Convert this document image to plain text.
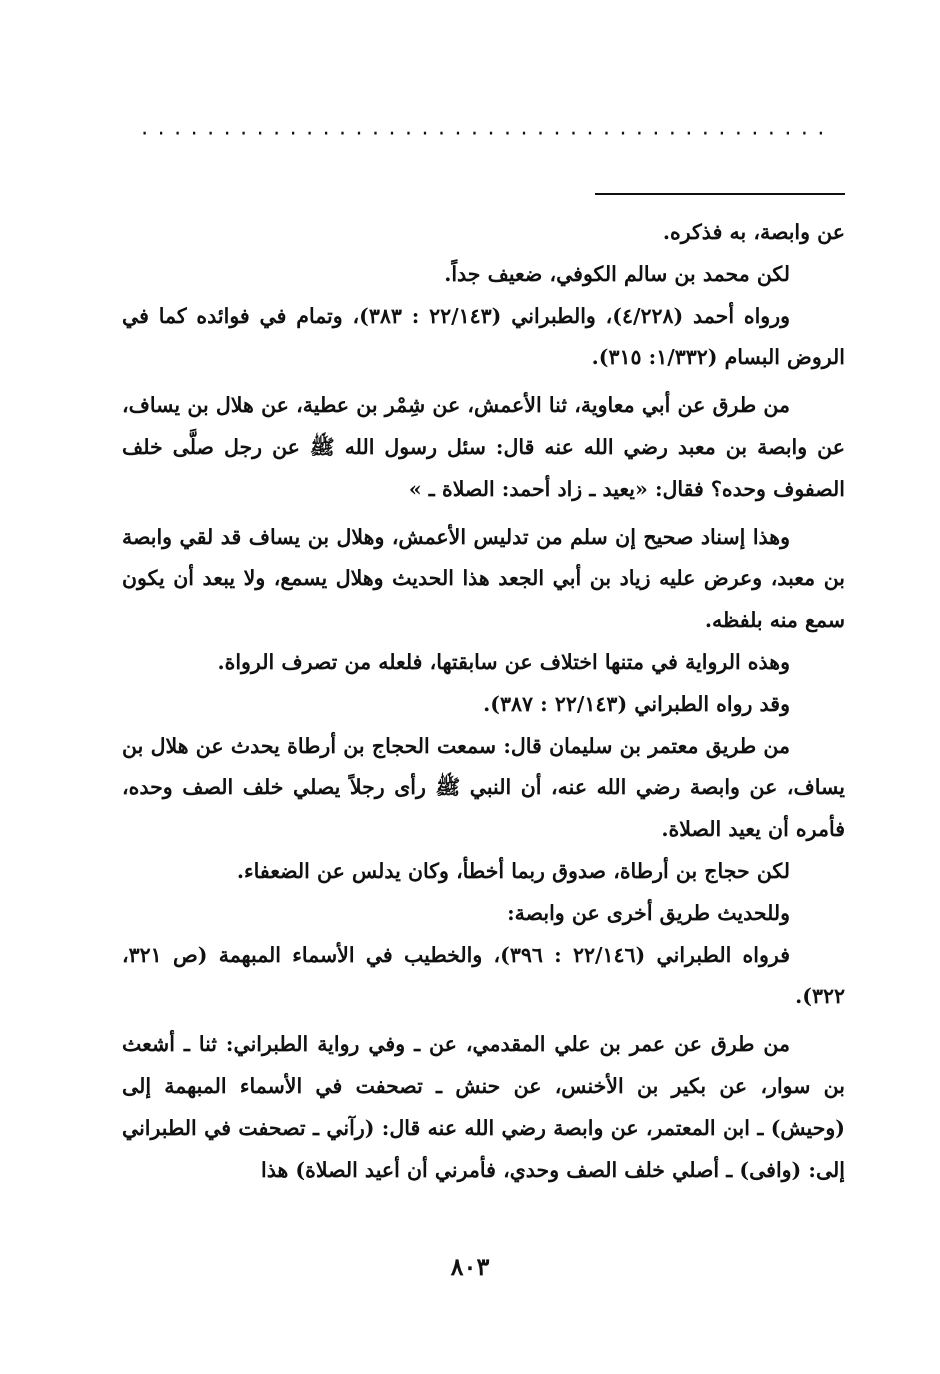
··········································

عن وابصة، به فذكره.

لكن محمد بن سالم الكوفي، ضعيف جداً.

ورواه أحمد (٤/٢٢٨)، والطبراني (٢٢/١٤٣ : ٣٨٣)، وتمام في فوائده كما في الروض البسام (١/٣٣٢: ٣١٥).

من طرق عن أبي معاوية، ثنا الأعمش، عن شِمْر بن عطية، عن هلال بن يساف، عن وابصة بن معبد رضي الله عنه قال: سئل رسول الله ﷺ عن رجل صلَّى خلف الصفوف وحده؟ فقال: «يعيد ـ زاد أحمد: الصلاة ـ »

وهذا إسناد صحيح إن سلم من تدليس الأعمش، وهلال بن يساف قد لقي وابصة بن معبد، وعرض عليه زياد بن أبي الجعد هذا الحديث وهلال يسمع، ولا يبعد أن يكون سمع منه بلفظه.

وهذه الرواية في متنها اختلاف عن سابقتها، فلعله من تصرف الرواة.

وقد رواه الطبراني (٢٢/١٤٣ : ٣٨٧).

من طريق معتمر بن سليمان قال: سمعت الحجاج بن أرطاة يحدث عن هلال بن يساف، عن وابصة رضي الله عنه، أن النبي ﷺ رأى رجلاً يصلي خلف الصف وحده، فأمره أن يعيد الصلاة.

لكن حجاج بن أرطاة، صدوق ربما أخطأ، وكان يدلس عن الضعفاء.

وللحديث طريق أخرى عن وابصة:

فرواه الطبراني (٢٢/١٤٦ : ٣٩٦)، والخطيب في الأسماء المبهمة (ص ٣٢١، ٣٢٢).

من طرق عن عمر بن علي المقدمي، عن ـ وفي رواية الطبراني: ثنا ـ أشعث بن سوار، عن بكير بن الأخنس، عن حنش ـ تصحفت في الأسماء المبهمة إلى (وحيش) ـ ابن المعتمر، عن وابصة رضي الله عنه قال: (رآني ـ تصحفت في الطبراني إلى: (وافى) ـ أصلي خلف الصف وحدي، فأمرني أن أعيد الصلاة) هذا

٨٠٣
